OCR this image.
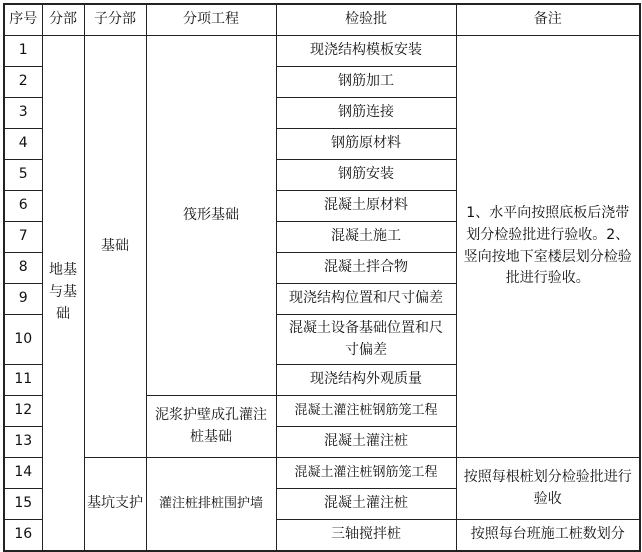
序号	分部	子分部	分项工程	检验批	备注
1	地基与基础	基础	筏形基础	现浇结构模板安装	1、水平向按照底板后浇带划分检验批进行验收。2、竖向按地下室楼层划分检验批进行验收。
2				钢筋加工	
3				钢筋连接	
4				钢筋原材料	
5				钢筋安装	
6				混凝土原材料	
7				混凝土施工	
8				混凝土拌合物	
9				现浇结构位置和尺寸偏差	
10				混凝土设备基础位置和尺寸偏差	
11				现浇结构外观质量	
12			泥浆护壁成孔灌注桩基础	混凝土灌注桩钢筋笼工程	
13				混凝土灌注桩	
14		基坑支护	灌注桩排桩围护墙	混凝土灌注桩钢筋笼工程	按照每根桩划分检验批进行验收
15				混凝土灌注桩	
16				三轴搅拌桩	按照每台班施工桩数划分
